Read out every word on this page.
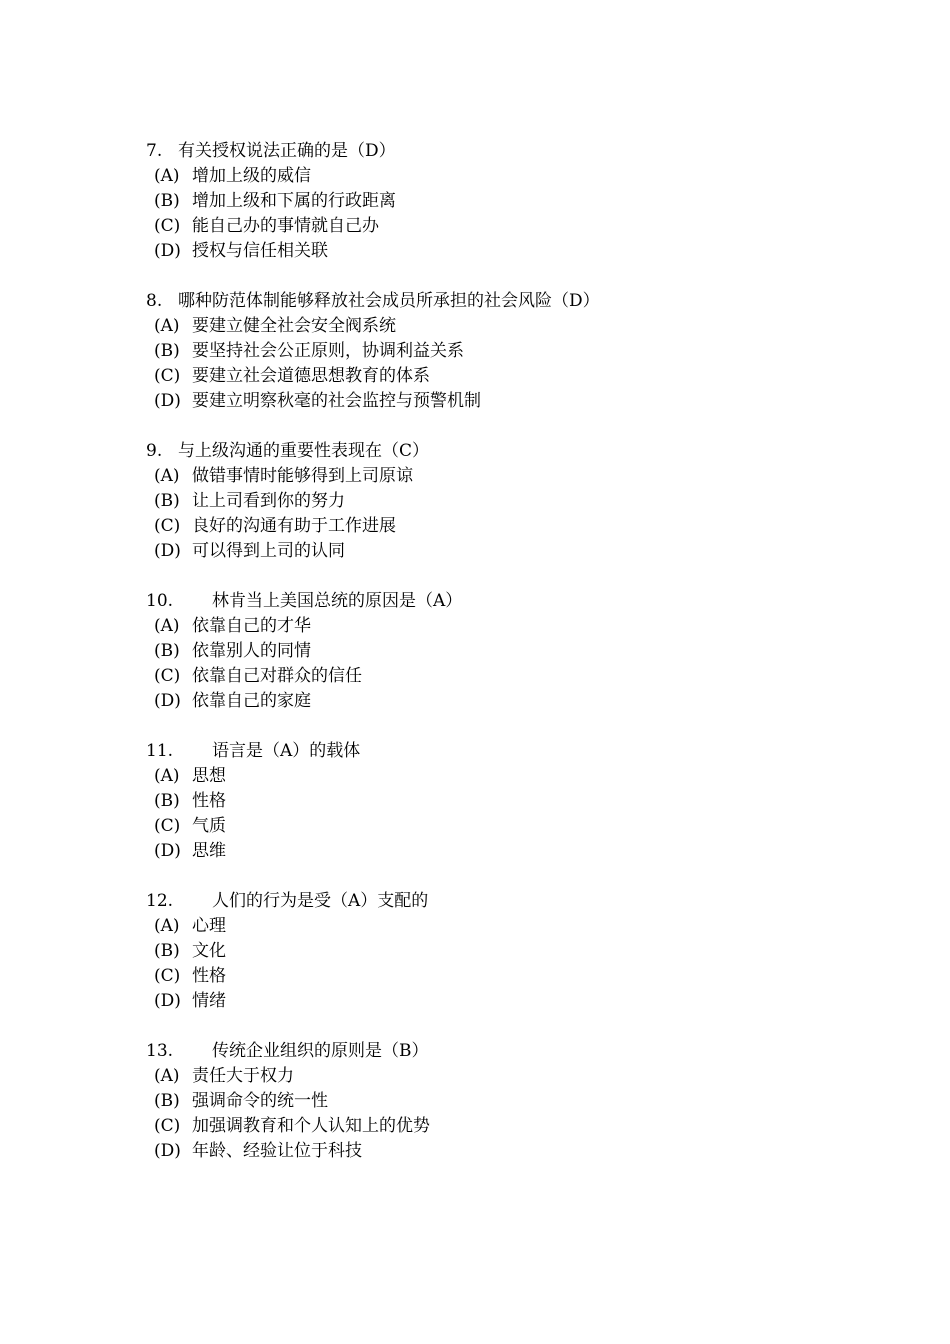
7. 有关授权说法正确的是（D）
(A) 增加上级的威信
(B) 增加上级和下属的行政距离
(C) 能自己办的事情就自己办
(D) 授权与信任相关联
8. 哪种防范体制能够释放社会成员所承担的社会风险（D）
(A) 要建立健全社会安全阀系统
(B) 要坚持社会公正原则，协调利益关系
(C) 要建立社会道德思想教育的体系
(D) 要建立明察秋毫的社会监控与预警机制
9. 与上级沟通的重要性表现在（C）
(A) 做错事情时能够得到上司原谅
(B) 让上司看到你的努力
(C) 良好的沟通有助于工作进展
(D) 可以得到上司的认同
10. 林肯当上美国总统的原因是（A）
(A) 依靠自己的才华
(B) 依靠别人的同情
(C) 依靠自己对群众的信任
(D) 依靠自己的家庭
11. 语言是（A）的载体
(A) 思想
(B) 性格
(C) 气质
(D) 思维
12. 人们的行为是受（A）支配的
(A) 心理
(B) 文化
(C) 性格
(D) 情绪
13. 传统企业组织的原则是（B）
(A) 责任大于权力
(B) 强调命令的统一性
(C) 加强调教育和个人认知上的优势
(D) 年龄、经验让位于科技
